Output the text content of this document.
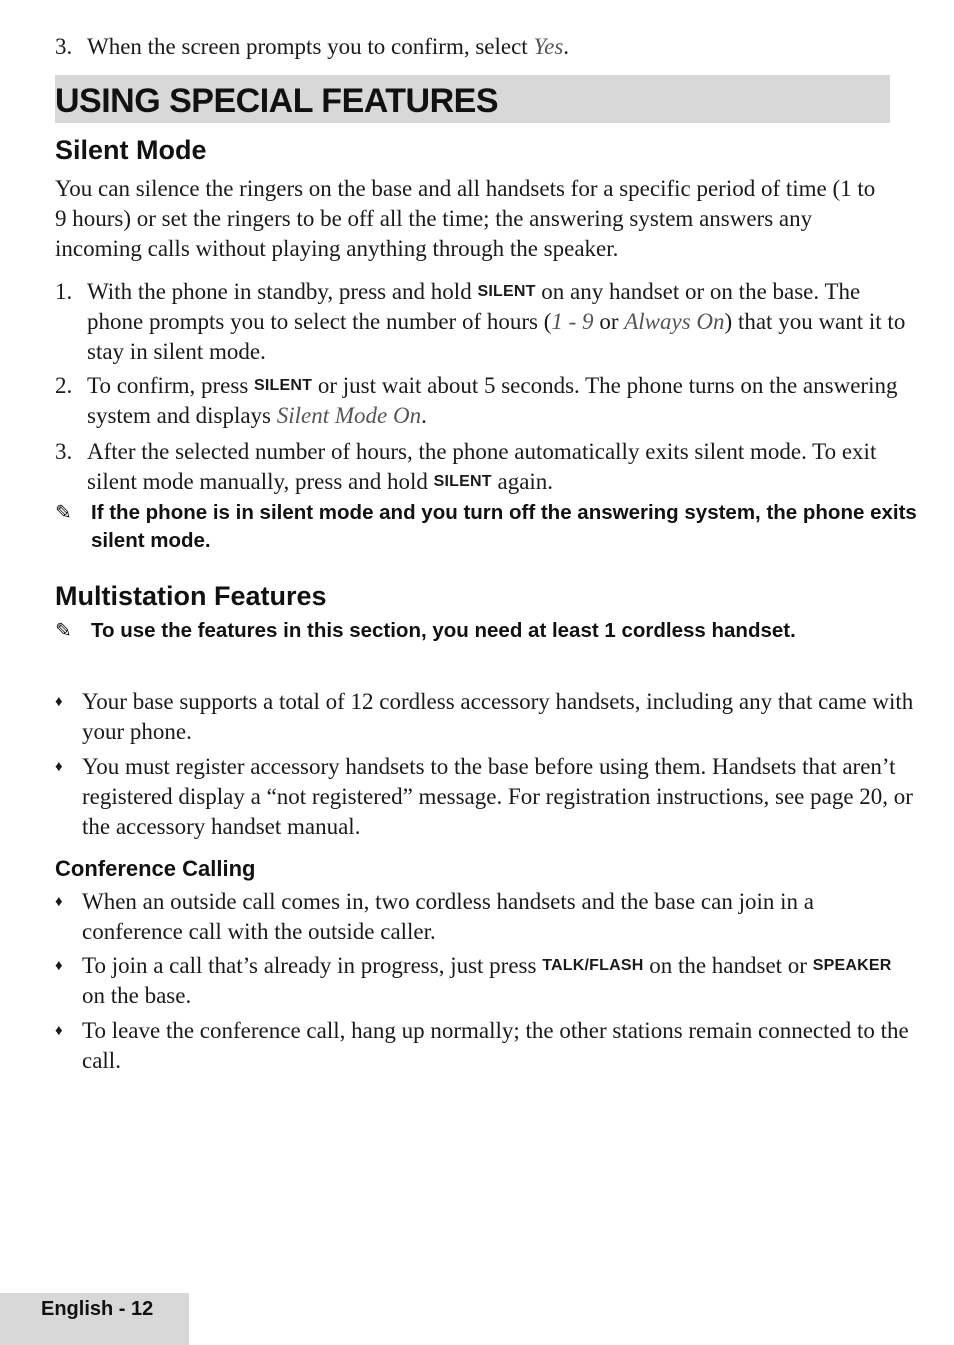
3. When the screen prompts you to confirm, select Yes.
USING SPECIAL FEATURES
Silent Mode
You can silence the ringers on the base and all handsets for a specific period of time (1 to 9 hours) or set the ringers to be off all the time; the answering system answers any incoming calls without playing anything through the speaker.
1. With the phone in standby, press and hold SILENT on any handset or on the base. The phone prompts you to select the number of hours (1 - 9 or Always On) that you want it to stay in silent mode.
2. To confirm, press SILENT or just wait about 5 seconds. The phone turns on the answering system and displays Silent Mode On.
3. After the selected number of hours, the phone automatically exits silent mode. To exit silent mode manually, press and hold SILENT again.
✎ If the phone is in silent mode and you turn off the answering system, the phone exits silent mode.
Multistation Features
✎ To use the features in this section, you need at least 1 cordless handset.
♦ Your base supports a total of 12 cordless accessory handsets, including any that came with your phone.
♦ You must register accessory handsets to the base before using them. Handsets that aren’t registered display a “not registered” message. For registration instructions, see page 20, or the accessory handset manual.
Conference Calling
♦ When an outside call comes in, two cordless handsets and the base can join in a conference call with the outside caller.
♦ To join a call that’s already in progress, just press TALK/FLASH on the handset or SPEAKER on the base.
♦ To leave the conference call, hang up normally; the other stations remain connected to the call.
English - 12
